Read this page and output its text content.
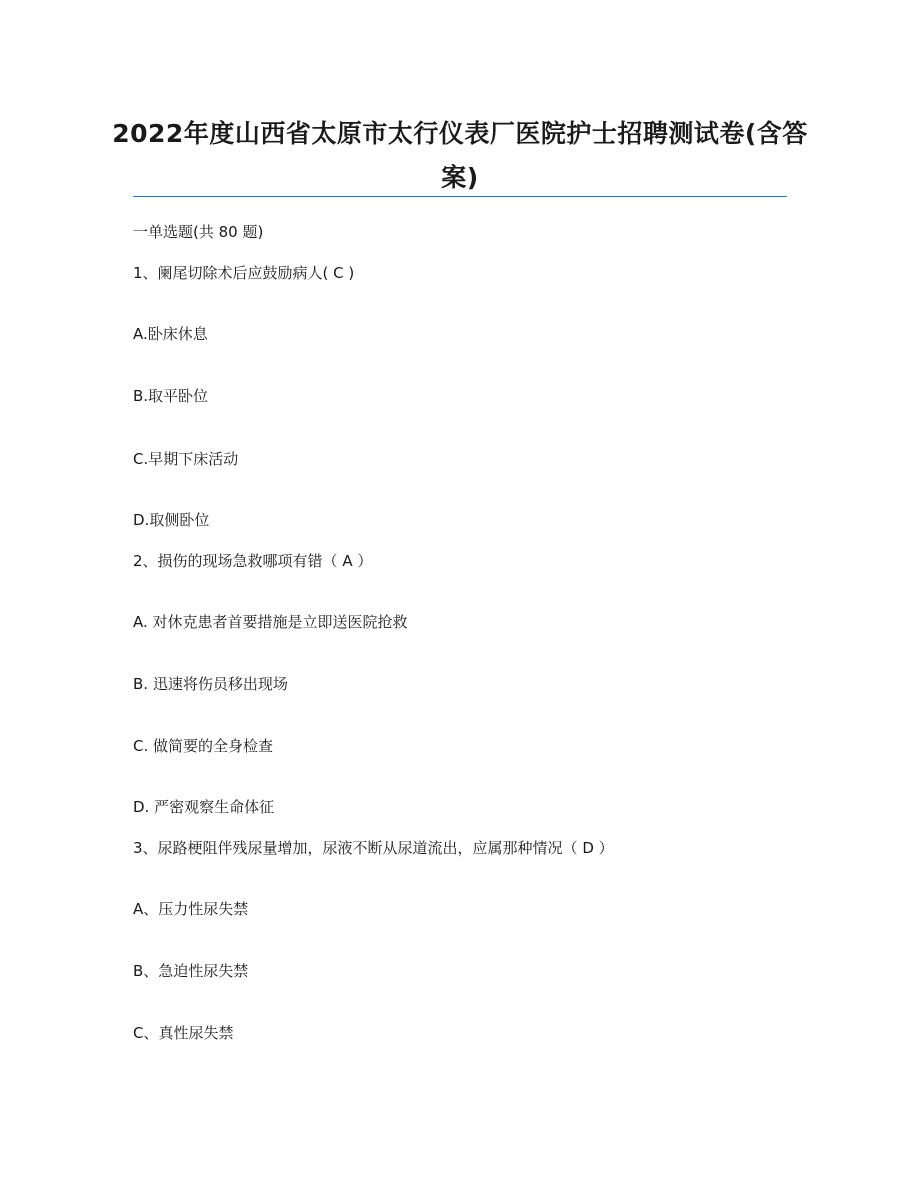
2022年度山西省太原市太行仪表厂医院护士招聘测试卷(含答案)
一单选题(共 80 题)
1、阑尾切除术后应鼓励病人( C )
A.卧床休息
B.取平卧位
C.早期下床活动
D.取侧卧位
2、损伤的现场急救哪项有错（ A ）
A. 对休克患者首要措施是立即送医院抢救
B. 迅速将伤员移出现场
C. 做简要的全身检查
D. 严密观察生命体征
3、尿路梗阻伴残尿量增加，尿液不断从尿道流出，应属那种情况（ D ）
A、压力性尿失禁
B、急迫性尿失禁
C、真性尿失禁
